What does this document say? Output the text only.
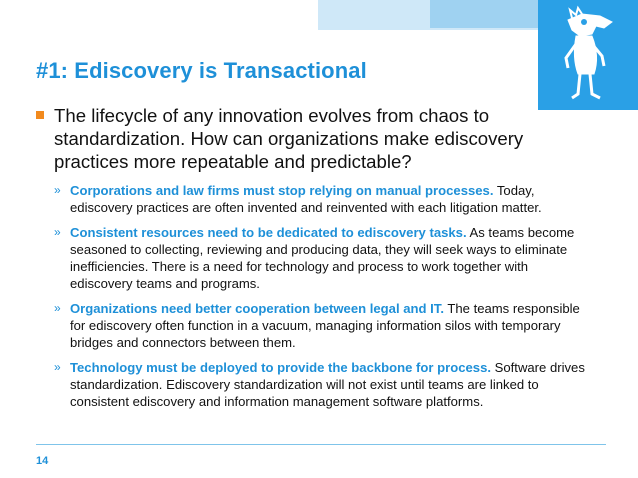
#1: Ediscovery is Transactional
The lifecycle of any innovation evolves from chaos to standardization. How can organizations make ediscovery practices more repeatable and predictable?
» Corporations and law firms must stop relying on manual processes. Today, ediscovery practices are often invented and reinvented with each litigation matter.
» Consistent resources need to be dedicated to ediscovery tasks. As teams become seasoned to collecting, reviewing and producing data, they will seek ways to eliminate inefficiencies. There is a need for technology and process to work together with ediscovery teams and programs.
» Organizations need better cooperation between legal and IT. The teams responsible for ediscovery often function in a vacuum, managing information silos with temporary bridges and connectors between them.
» Technology must be deployed to provide the backbone for process. Software drives standardization. Ediscovery standardization will not exist until teams are linked to consistent ediscovery and information management software platforms.
14
